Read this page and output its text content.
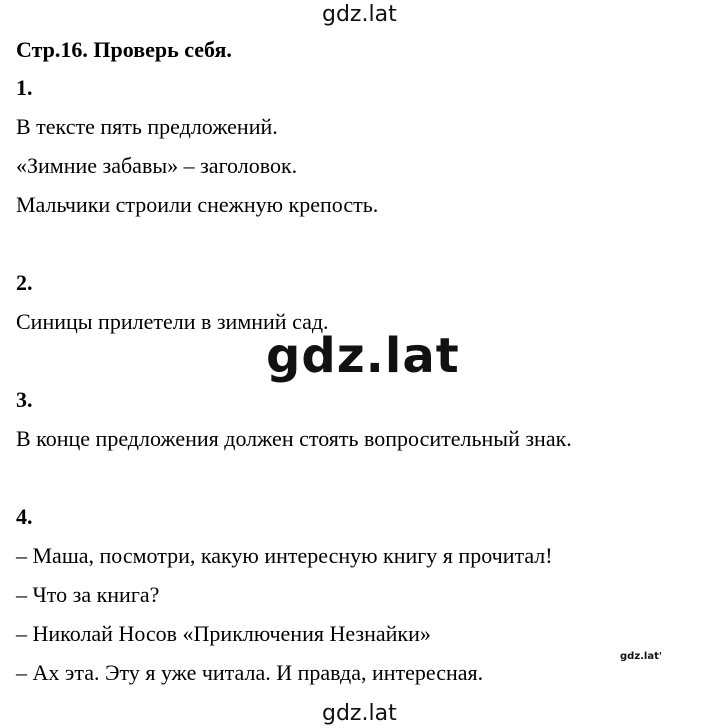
gdz.lat
gdz.lat
gdz.lat'
gdz.lat
Стр.16. Проверь себя.
1.
В тексте пять предложений.
«Зимние забавы» – заголовок.
Мальчики строили снежную крепость.
2.
Синицы прилетели в зимний сад.
3.
В конце предложения должен стоять вопросительный знак.
4.
– Маша, посмотри, какую интересную книгу я прочитал!
– Что за книга?
– Николай Носов «Приключения Незнайки»
– Ах эта. Эту я уже читала. И правда, интересная.
